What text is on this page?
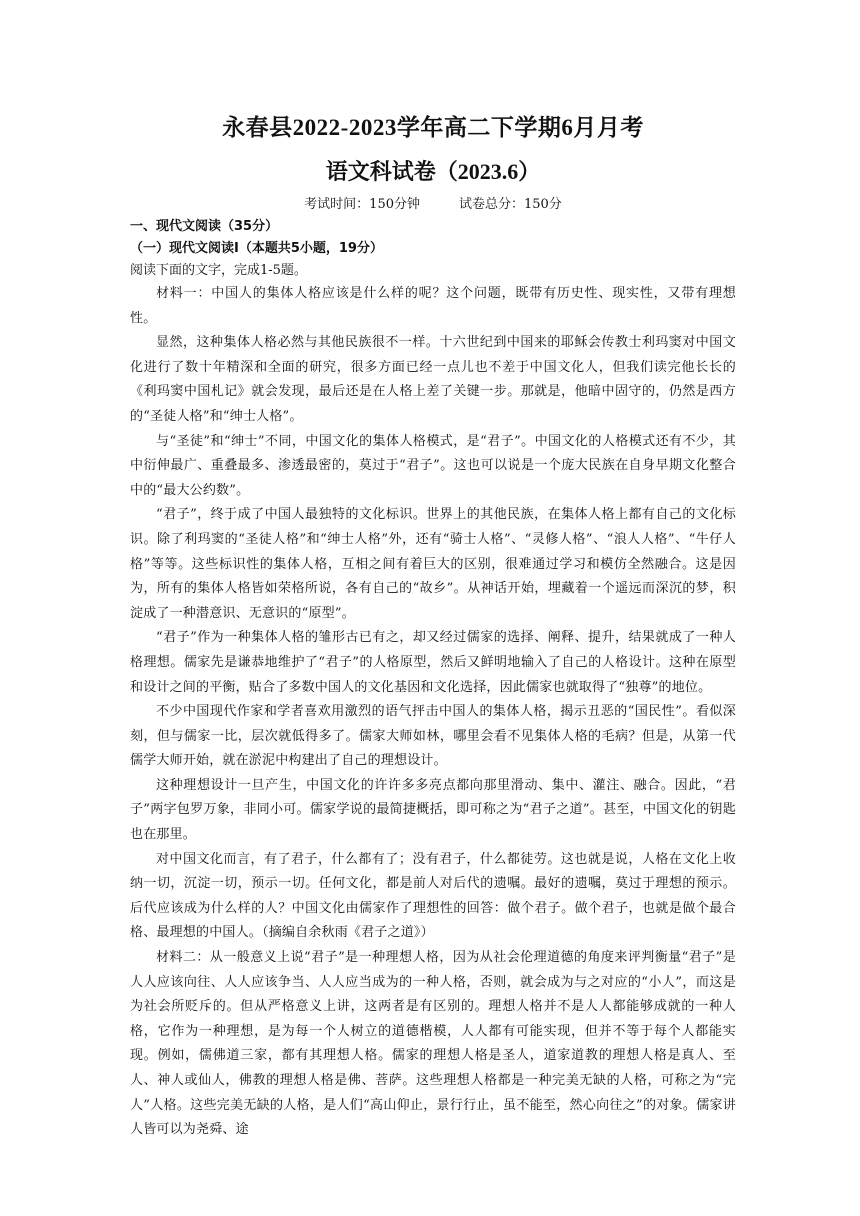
永春县2022-2023学年高二下学期6月月考
语文科试卷（2023.6）
考试时间：150分钟　　　试卷总分：150分
一、现代文阅读（35分）
（一）现代文阅读I（本题共5小题，19分）
阅读下面的文字，完成1-5题。

材料一：中国人的集体人格应该是什么样的呢？这个问题，既带有历史性、现实性，又带有理想性。

显然，这种集体人格必然与其他民族很不一样。十六世纪到中国来的耶稣会传教士利玛窦对中国文化进行了数十年精深和全面的研究，很多方面已经一点儿也不差于中国文化人，但我们读完他长长的《利玛窦中国札记》就会发现，最后还是在人格上差了关键一步。那就是，他暗中固守的，仍然是西方的“圣徒人格”和“绅士人格”。

与“圣徒”和“绅士”不同，中国文化的集体人格模式，是“君子”。中国文化的人格模式还有不少，其中衍伸最广、重叠最多、渗透最密的，莫过于“君子”。这也可以说是一个庞大民族在自身早期文化整合中的“最大公约数”。

“君子”，终于成了中国人最独特的文化标识。世界上的其他民族，在集体人格上都有自己的文化标识。除了利玛窦的“圣徒人格”和“绅士人格”外，还有“骑士人格”、“灵修人格”、“浪人人格”、“牛仔人格”等等。这些标识性的集体人格，互相之间有着巨大的区别，很难通过学习和模仿全然融合。这是因为，所有的集体人格皆如荣格所说，各有自己的“故乡”。从神话开始，埋藏着一个遥远而深沉的梦，积淀成了一种潜意识、无意识的“原型”。

“君子”作为一种集体人格的雏形古已有之，却又经过儒家的选择、阐释、提升，结果就成了一种人格理想。儒家先是谦恭地维护了“君子”的人格原型，然后又鲜明地输入了自己的人格设计。这种在原型和设计之间的平衡，贴合了多数中国人的文化基因和文化选择，因此儒家也就取得了“独尊”的地位。

不少中国现代作家和学者喜欢用激烈的语气抨击中国人的集体人格，揭示丑恶的“国民性”。看似深刻，但与儒家一比，层次就低得多了。儒家大师如林，哪里会看不见集体人格的毛病？但是，从第一代儒学大师开始，就在淤泥中构建出了自己的理想设计。

这种理想设计一旦产生，中国文化的许许多多亮点都向那里滑动、集中、灌注、融合。因此，“君子”两字包罗万象，非同小可。儒家学说的最简捷概括，即可称之为“君子之道”。甚至，中国文化的钥匙也在那里。

对中国文化而言，有了君子，什么都有了；没有君子，什么都徒劳。这也就是说，人格在文化上收纳一切，沉淀一切，预示一切。任何文化，都是前人对后代的遗嘱。最好的遗嘱，莫过于理想的预示。后代应该成为什么样的人？中国文化由儒家作了理想性的回答：做个君子。做个君子，也就是做个最合格、最理想的中国人。（摘编自余秋雨《君子之道》）

材料二：从一般意义上说“君子”是一种理想人格，因为从社会伦理道德的角度来评判衡量“君子”是人人应该向往、人人应该争当、人人应当成为的一种人格，否则，就会成为与之对应的“小人”，而这是为社会所贬斥的。但从严格意义上讲，这两者是有区别的。理想人格并不是人人都能够成就的一种人格，它作为一种理想，是为每一个人树立的道德楷模，人人都有可能实现，但并不等于每个人都能实现。例如，儒佛道三家，都有其理想人格。儒家的理想人格是圣人，道家道教的理想人格是真人、至人、神人或仙人，佛教的理想人格是佛、菩萨。这些理想人格都是一种完美无缺的人格，可称之为“完人”人格。这些完美无缺的人格，是人们“高山仰止，景行行止，虽不能至，然心向往之”的对象。儒家讲人皆可以为尧舜、途
